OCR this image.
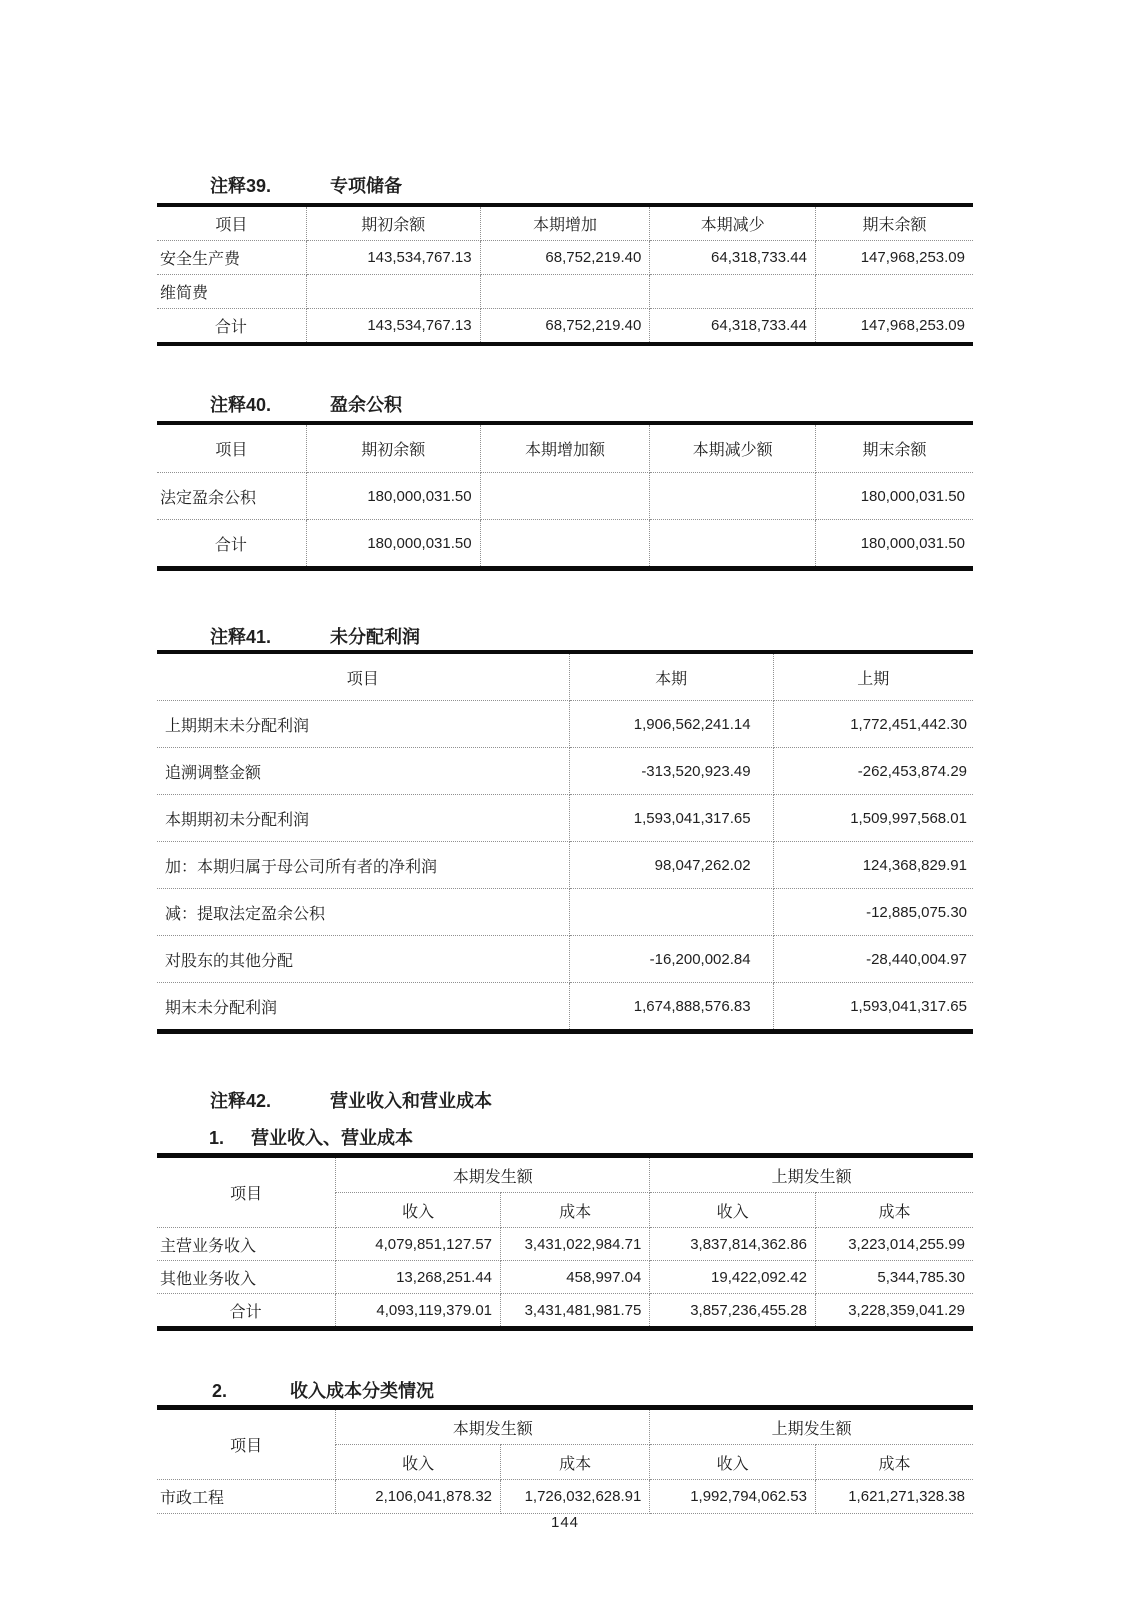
注释39.	专项储备
项目	期初余额	本期增加	本期减少	期末余额
安全生产费	143,534,767.13	68,752,219.40	64,318,733.44	147,968,253.09
维简费				
合计	143,534,767.13	68,752,219.40	64,318,733.44	147,968,253.09
注释40.	盈余公积
项目	期初余额	本期增加额	本期减少额	期末余额
法定盈余公积	180,000,031.50			180,000,031.50
合计	180,000,031.50			180,000,031.50
注释41.	未分配利润
项目	本期	上期
上期期末未分配利润	1,906,562,241.14	1,772,451,442.30
追溯调整金额	-313,520,923.49	-262,453,874.29
本期期初未分配利润	1,593,041,317.65	1,509,997,568.01
加：本期归属于母公司所有者的净利润	98,047,262.02	124,368,829.91
减：提取法定盈余公积		-12,885,075.30
对股东的其他分配	-16,200,002.84	-28,440,004.97
期末未分配利润	1,674,888,576.83	1,593,041,317.65
注释42.	营业收入和营业成本
1.	营业收入、营业成本
项目	本期发生额		上期发生额	
	收入	成本	收入	成本
主营业务收入	4,079,851,127.57	3,431,022,984.71	3,837,814,362.86	3,223,014,255.99
其他业务收入	13,268,251.44	458,997.04	19,422,092.42	5,344,785.30
合计	4,093,119,379.01	3,431,481,981.75	3,857,236,455.28	3,228,359,041.29
2.	收入成本分类情况
项目	本期发生额		上期发生额	
	收入	成本	收入	成本
市政工程	2,106,041,878.32	1,726,032,628.91	1,992,794,062.53	1,621,271,328.38
144
